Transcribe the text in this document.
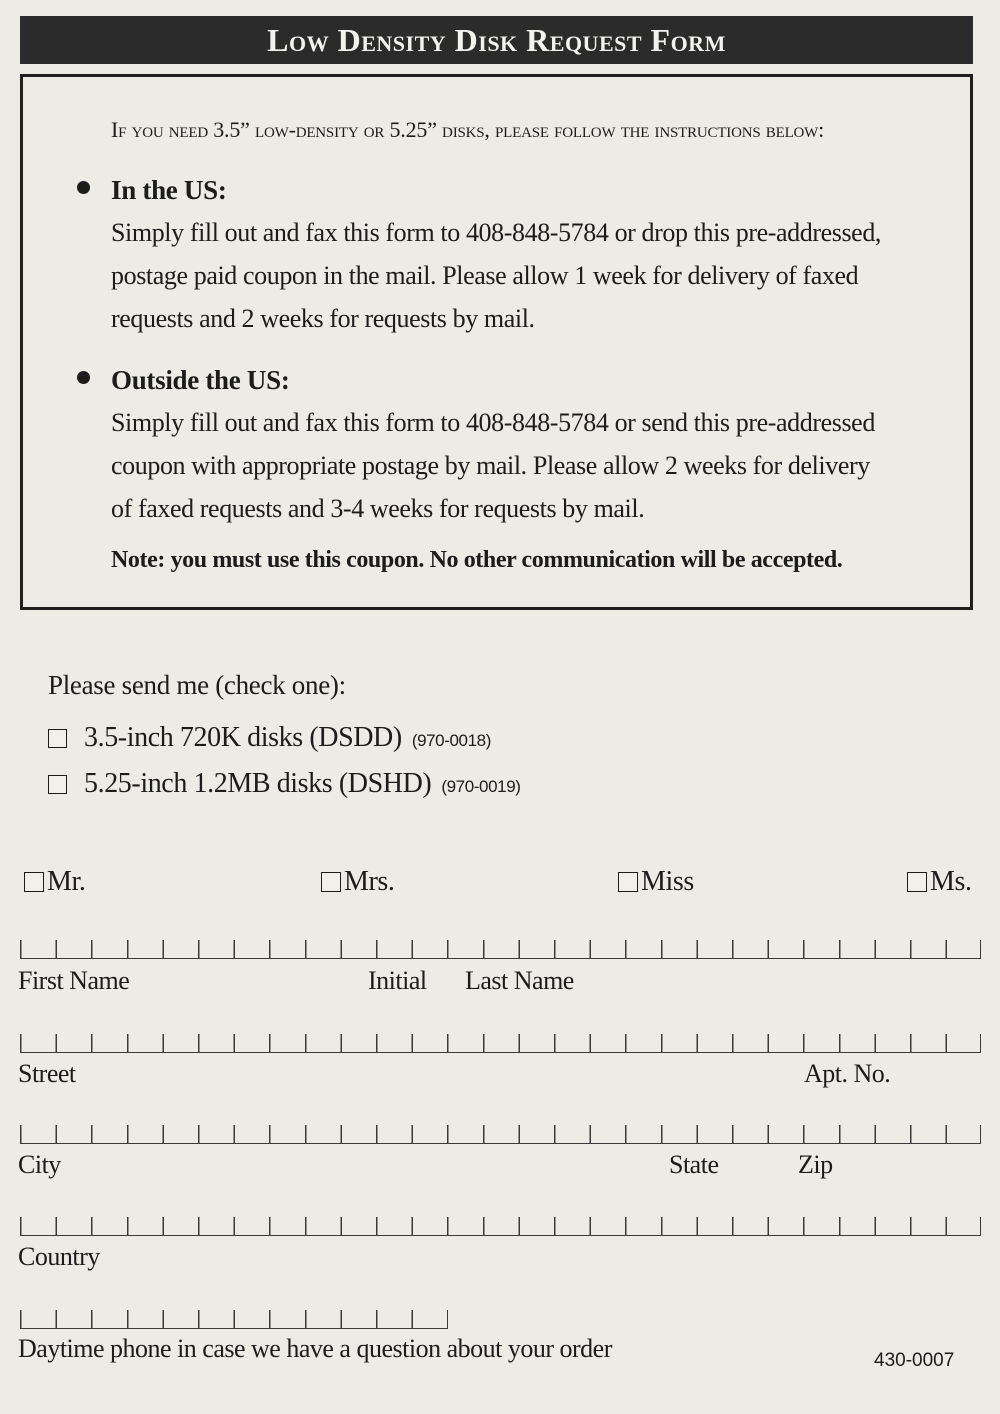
Low Density Disk Request Form
If you need 3.5” low-density or 5.25” disks, please follow the instructions below:
In the US:
Simply fill out and fax this form to 408-848-5784 or drop this pre-addressed,
postage paid coupon in the mail. Please allow 1 week for delivery of faxed
requests and 2 weeks for requests by mail.
Outside the US:
Simply fill out and fax this form to 408-848-5784 or send this pre-addressed
coupon with appropriate postage by mail. Please allow 2 weeks for delivery
of faxed requests and 3-4 weeks for requests by mail.
Note: you must use this coupon. No other communication will be accepted.
Please send me (check one):
3.5-inch 720K disks (DSDD) (970-0018)
5.25-inch 1.2MB disks (DSHD) (970-0019)
Mr.	Mrs.	Miss	Ms.
First Name	Initial Last Name
Street	Apt. No.
City	State	Zip
Country
Daytime phone in case we have a question about your order	430-0007
